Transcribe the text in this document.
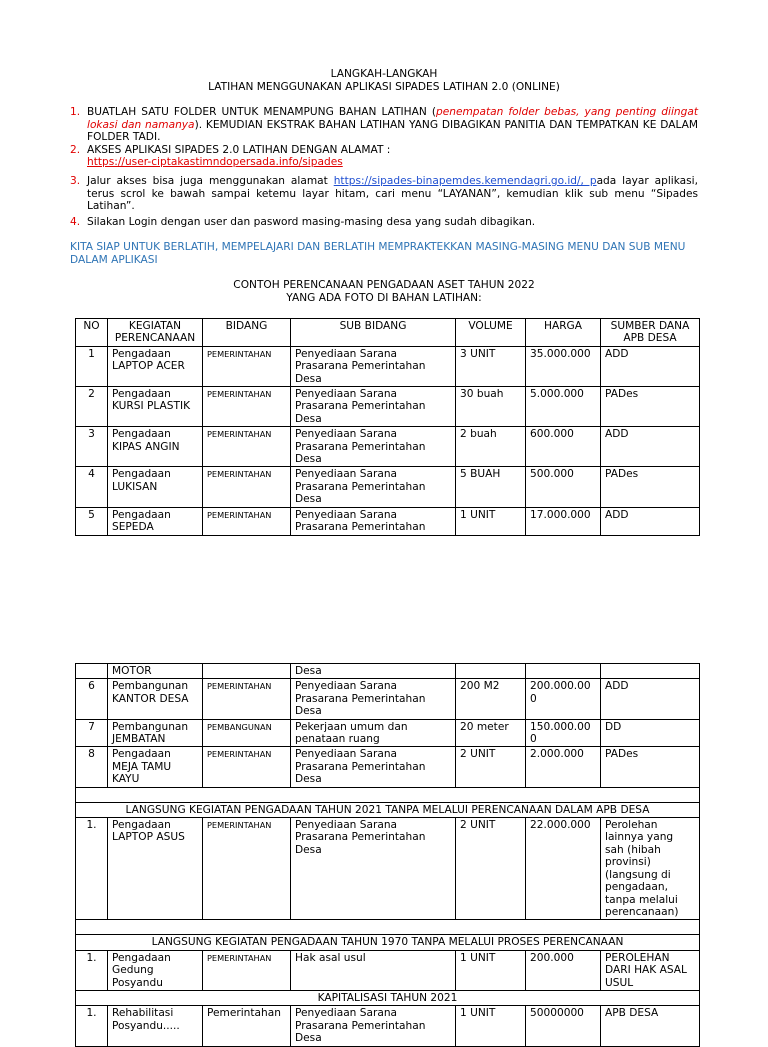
LANGKAH-LANGKAH
LATIHAN MENGGUNAKAN APLIKASI SIPADES LATIHAN 2.0 (ONLINE)
1. BUATLAH SATU FOLDER UNTUK MENAMPUNG BAHAN LATIHAN (penempatan folder bebas, yang penting diingat lokasi dan namanya). KEMUDIAN EKSTRAK BAHAN LATIHAN YANG DIBAGIKAN PANITIA DAN TEMPATKAN KE DALAM FOLDER TADI.
2. AKSES APLIKASI SIPADES 2.0 LATIHAN DENGAN ALAMAT :
https://user-ciptakastimndopersada.info/sipades
3. Jalur akses bisa juga menggunakan alamat https://sipades-binapemdes.kemendagri.go.id/, pada layar aplikasi, terus scrol ke bawah sampai ketemu layar hitam, cari menu “LAYANAN”, kemudian klik sub menu “Sipades Latihan”.
4. Silakan Login dengan user dan pasword masing-masing desa yang sudah dibagikan.
KITA SIAP UNTUK BERLATIH, MEMPELAJARI DAN BERLATIH MEMPRAKTEKKAN MASING-MASING MENU DAN SUB MENU DALAM APLIKASI
CONTOH PERENCANAAN PENGADAAN ASET TAHUN 2022
YANG ADA FOTO DI BAHAN LATIHAN:
NO	KEGIATAN PERENCANAAN	BIDANG	SUB BIDANG	VOLUME	HARGA	SUMBER DANA APB DESA
1	Pengadaan LAPTOP ACER	PEMERINTAHAN	Penyediaan Sarana Prasarana Pemerintahan Desa	3 UNIT	35.000.000	ADD
2	Pengadaan KURSI PLASTIK	PEMERINTAHAN	Penyediaan Sarana Prasarana Pemerintahan Desa	30 buah	5.000.000	PADes
3	Pengadaan KIPAS ANGIN	PEMERINTAHAN	Penyediaan Sarana Prasarana Pemerintahan Desa	2 buah	600.000	ADD
4	Pengadaan LUKISAN	PEMERINTAHAN	Penyediaan Sarana Prasarana Pemerintahan Desa	5 BUAH	500.000	PADes
5	Pengadaan SEPEDA	PEMERINTAHAN	Penyediaan Sarana Prasarana Pemerintahan	1 UNIT	17.000.000	ADD
	MOTOR		Desa			
6	Pembangunan KANTOR DESA	PEMERINTAHAN	Penyediaan Sarana Prasarana Pemerintahan Desa	200 M2	200.000.00 0	ADD
7	Pembangunan JEMBATAN	PEMBANGUNAN	Pekerjaan umum dan penataan ruang	20 meter	150.000.00 0	DD
8	Pengadaan MEJA TAMU KAYU	PEMERINTAHAN	Penyediaan Sarana Prasarana Pemerintahan Desa	2 UNIT	2.000.000	PADes

LANGSUNG KEGIATAN PENGADAAN TAHUN 2021 TANPA MELALUI PERENCANAAN DALAM APB DESA						
1.	Pengadaan LAPTOP ASUS	PEMERINTAHAN	Penyediaan Sarana Prasarana Pemerintahan Desa	2 UNIT	22.000.000	Perolehan lainnya yang sah (hibah provinsi) (langsung di pengadaan, tanpa melalui perencanaan)

LANGSUNG KEGIATAN PENGADAAN TAHUN 1970 TANPA MELALUI PROSES PERENCANAAN						
1.	Pengadaan Gedung Posyandu	PEMERINTAHAN	Hak asal usul	1 UNIT	200.000	PEROLEHAN DARI HAK ASAL USUL
KAPITALISASI TAHUN 2021						
1.	Rehabilitasi Posyandu.....	Pemerintahan	Penyediaan Sarana Prasarana Pemerintahan Desa	1 UNIT	50000000	APB DESA
